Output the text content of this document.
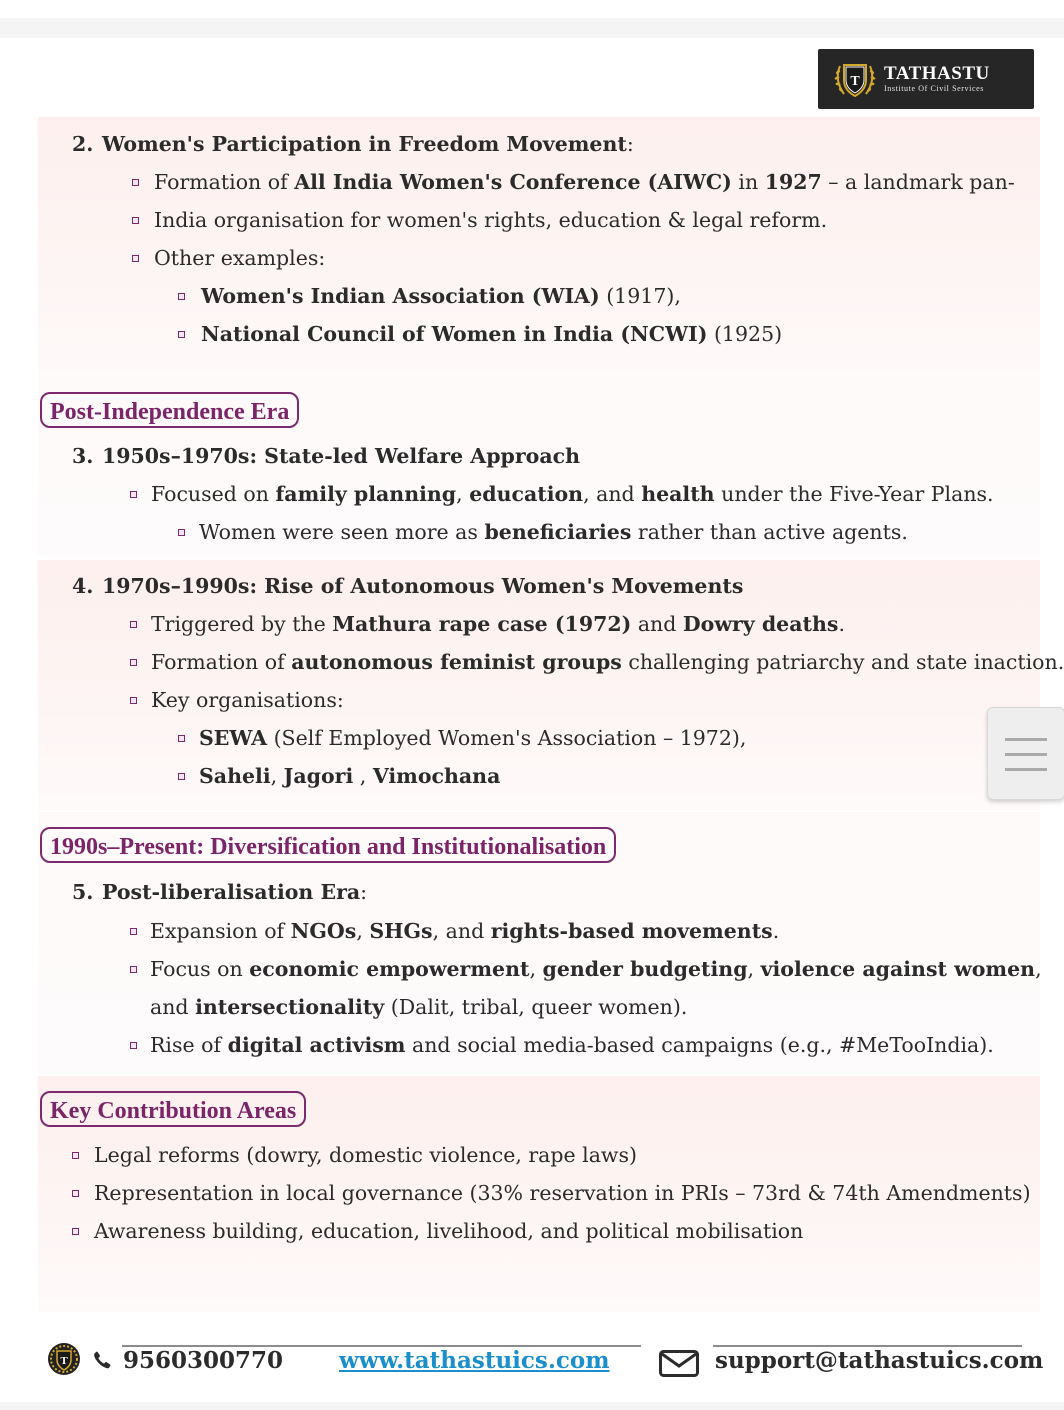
T TATHASTU
Institute Of Civil Services
2. Women's Participation in Freedom Movement:
Formation of All India Women's Conference (AIWC) in 1927 – a landmark pan-
India organisation for women's rights, education & legal reform.
Other examples:
Women's Indian Association (WIA) (1917),
National Council of Women in India (NCWI) (1925)
Post-Independence Era
3. 1950s–1970s: State-led Welfare Approach
Focused on family planning, education, and health under the Five-Year Plans.
Women were seen more as beneficiaries rather than active agents.
4. 1970s–1990s: Rise of Autonomous Women's Movements
Triggered by the Mathura rape case (1972) and Dowry deaths.
Formation of autonomous feminist groups challenging patriarchy and state inaction.
Key organisations:
SEWA (Self Employed Women's Association – 1972),
Saheli, Jagori , Vimochana
1990s–Present: Diversification and Institutionalisation
5. Post-liberalisation Era:
Expansion of NGOs, SHGs, and rights-based movements.
Focus on economic empowerment, gender budgeting, violence against women,
and intersectionality (Dalit, tribal, queer women).
Rise of digital activism and social media-based campaigns (e.g., #MeTooIndia).
Key Contribution Areas
Legal reforms (dowry, domestic violence, rape laws)
Representation in local governance (33% reservation in PRIs – 73rd & 74th Amendments)
Awareness building, education, livelihood, and political mobilisation
T 9560300770 www.tathastuics.com	support@tathastuics.com
